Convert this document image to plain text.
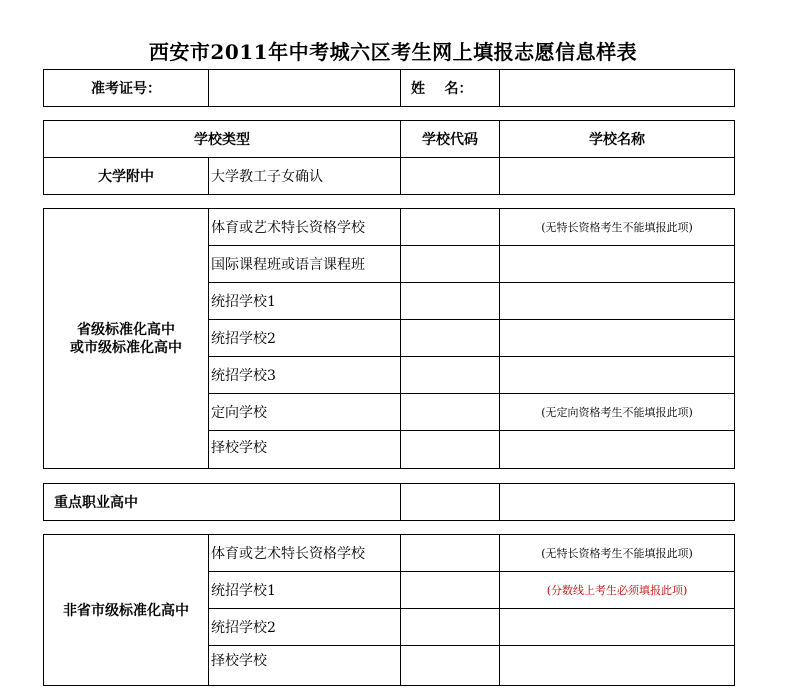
西安市2011年中考城六区考生网上填报志愿信息样表
准考证号：		姓    名：	
学校类型		学校代码	学校名称
大学附中	大学教工子女确认		
省级标准化高中
或市级标准化高中	体育或艺术特长资格学校		(无特长资格考生不能填报此项)
	国际课程班或语言课程班		
	统招学校1		
	统招学校2		
	统招学校3		
	定向学校		(无定向资格考生不能填报此项)
	择校学校		
重点职业高中		
非省市级标准化高中	体育或艺术特长资格学校		(无特长资格考生不能填报此项)
	统招学校1		(分数线上考生必须填报此项)
	统招学校2		
	择校学校		
